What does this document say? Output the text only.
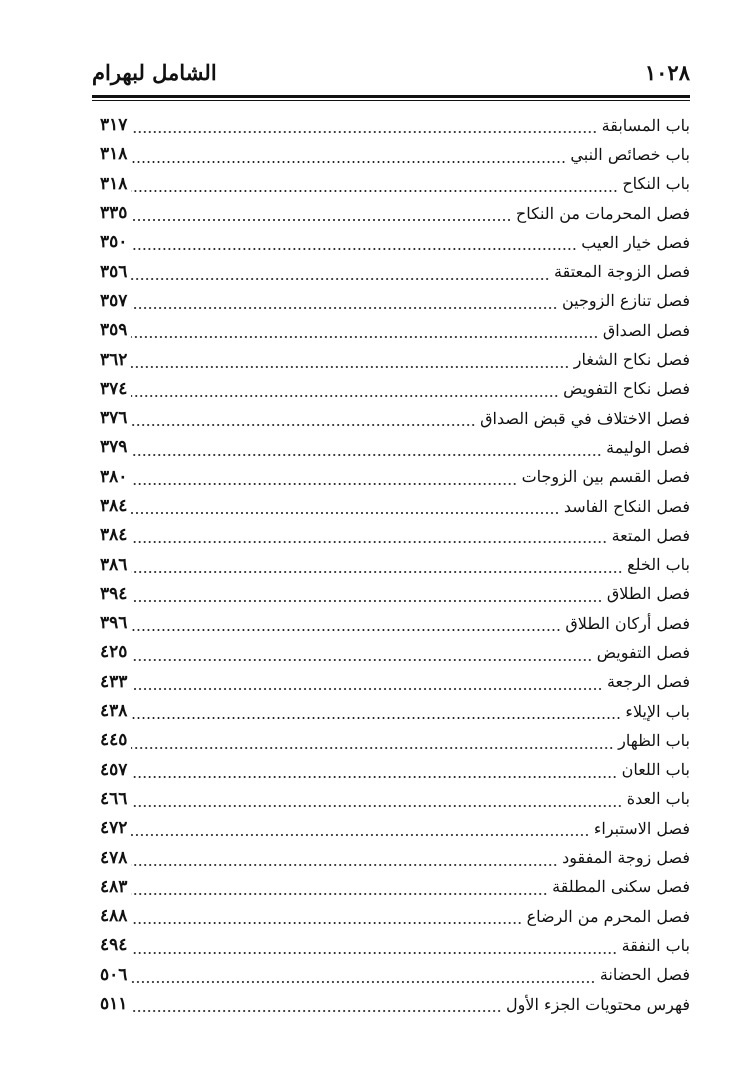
١٠٢٨
الشامل لبهرام
باب المسابقة
٣١٧
باب خصائص النبي
٣١٨
باب النكاح
٣١٨
فصل المحرمات من النكاح
٣٣٥
فصل خيار العيب
٣٥٠
فصل الزوجة المعتقة
٣٥٦
فصل تنازع الزوجين
٣٥٧
فصل الصداق
٣٥٩
فصل نكاح الشغار
٣٦٢
فصل نكاح التفويض
٣٧٤
فصل الاختلاف في قبض الصداق
٣٧٦
فصل الوليمة
٣٧٩
فصل القسم بين الزوجات
٣٨٠
فصل النكاح الفاسد
٣٨٤
فصل المتعة
٣٨٤
باب الخلع
٣٨٦
فصل الطلاق
٣٩٤
فصل أركان الطلاق
٣٩٦
فصل التفويض
٤٢٥
فصل الرجعة
٤٣٣
باب الإيلاء
٤٣٨
باب الظهار
٤٤٥
باب اللعان
٤٥٧
باب العدة
٤٦٦
فصل الاستبراء
٤٧٢
فصل زوجة المفقود
٤٧٨
فصل سكنى المطلقة
٤٨٣
فصل المحرم من الرضاع
٤٨٨
باب النفقة
٤٩٤
فصل الحضانة
٥٠٦
فهرس محتويات الجزء الأول
٥١١
